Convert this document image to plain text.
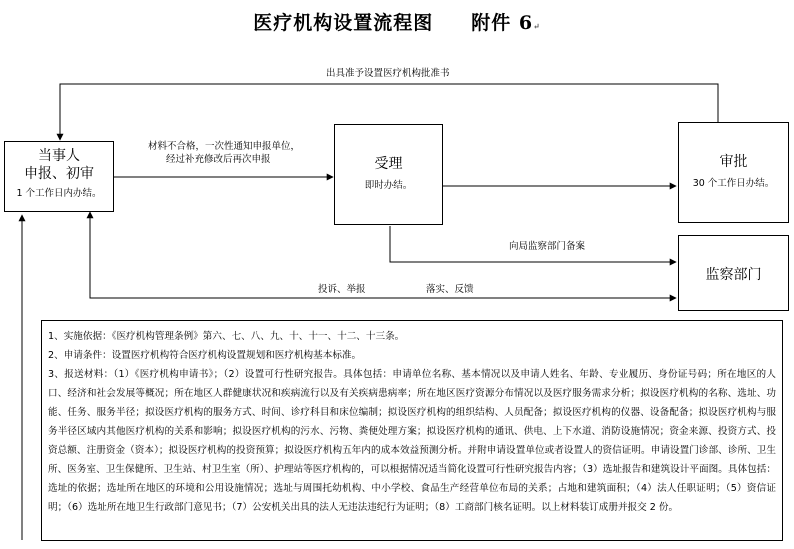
医疗机构设置流程图 附件 6↵
当事人
申报、初审
1 个工作日内办结。
受理
即时办结。
审批
30 个工作日办结。
监察部门
出具准予设置医疗机构批准书
材料不合格，一次性通知申报单位，
经过补充修改后再次申报
向局监察部门备案
投诉、举报	落实、反馈

1、实施依据：《医疗机构管理条例》第六、七、八、九、十、十一、十二、十三条。

2、申请条件：设置医疗机构符合医疗机构设置规划和医疗机构基本标准。

3、报送材料：（1）《医疗机构申请书》；（2）设置可行性研究报告。具体包括：申请单位名称、基本情况以及申请人姓名、年龄、专业履历、身份证号码；所在地区的人口、经济和社会发展等概况；所在地区人群健康状况和疾病流行以及有关疾病患病率；所在地区医疗资源分布情况以及医疗服务需求分析；拟设医疗机构的名称、选址、功能、任务、服务半径；拟设医疗机构的服务方式、时间、诊疗科目和床位编制；拟设医疗机构的组织结构、人员配备；拟设医疗机构的仪器、设备配备；拟设医疗机构与服务半径区域内其他医疗机构的关系和影响；拟设医疗机构的污水、污物、粪便处理方案；拟设医疗机构的通讯、供电、上下水道、消防设施情况；资金来源、投资方式、投资总额、注册资金（资本）；拟设医疗机构的投资预算；拟设医疗机构五年内的成本效益预测分析。并附申请设置单位或者设置人的资信证明。申请设置门诊部、诊所、卫生所、医务室、卫生保健所、卫生站、村卫生室（所）、护理站等医疗机构的，可以根据情况适当简化设置可行性研究报告内容；（3）选址报告和建筑设计平面图。具体包括：选址的依据；选址所在地区的环境和公用设施情况；选址与周围托幼机构、中小学校、食品生产经营单位布局的关系；占地和建筑面积；（4）法人任职证明；（5）资信证明；（6）选址所在地卫生行政部门意见书；（7）公安机关出具的法人无违法违纪行为证明；（8）工商部门核名证明。以上材料装订成册并报交 2 份。
